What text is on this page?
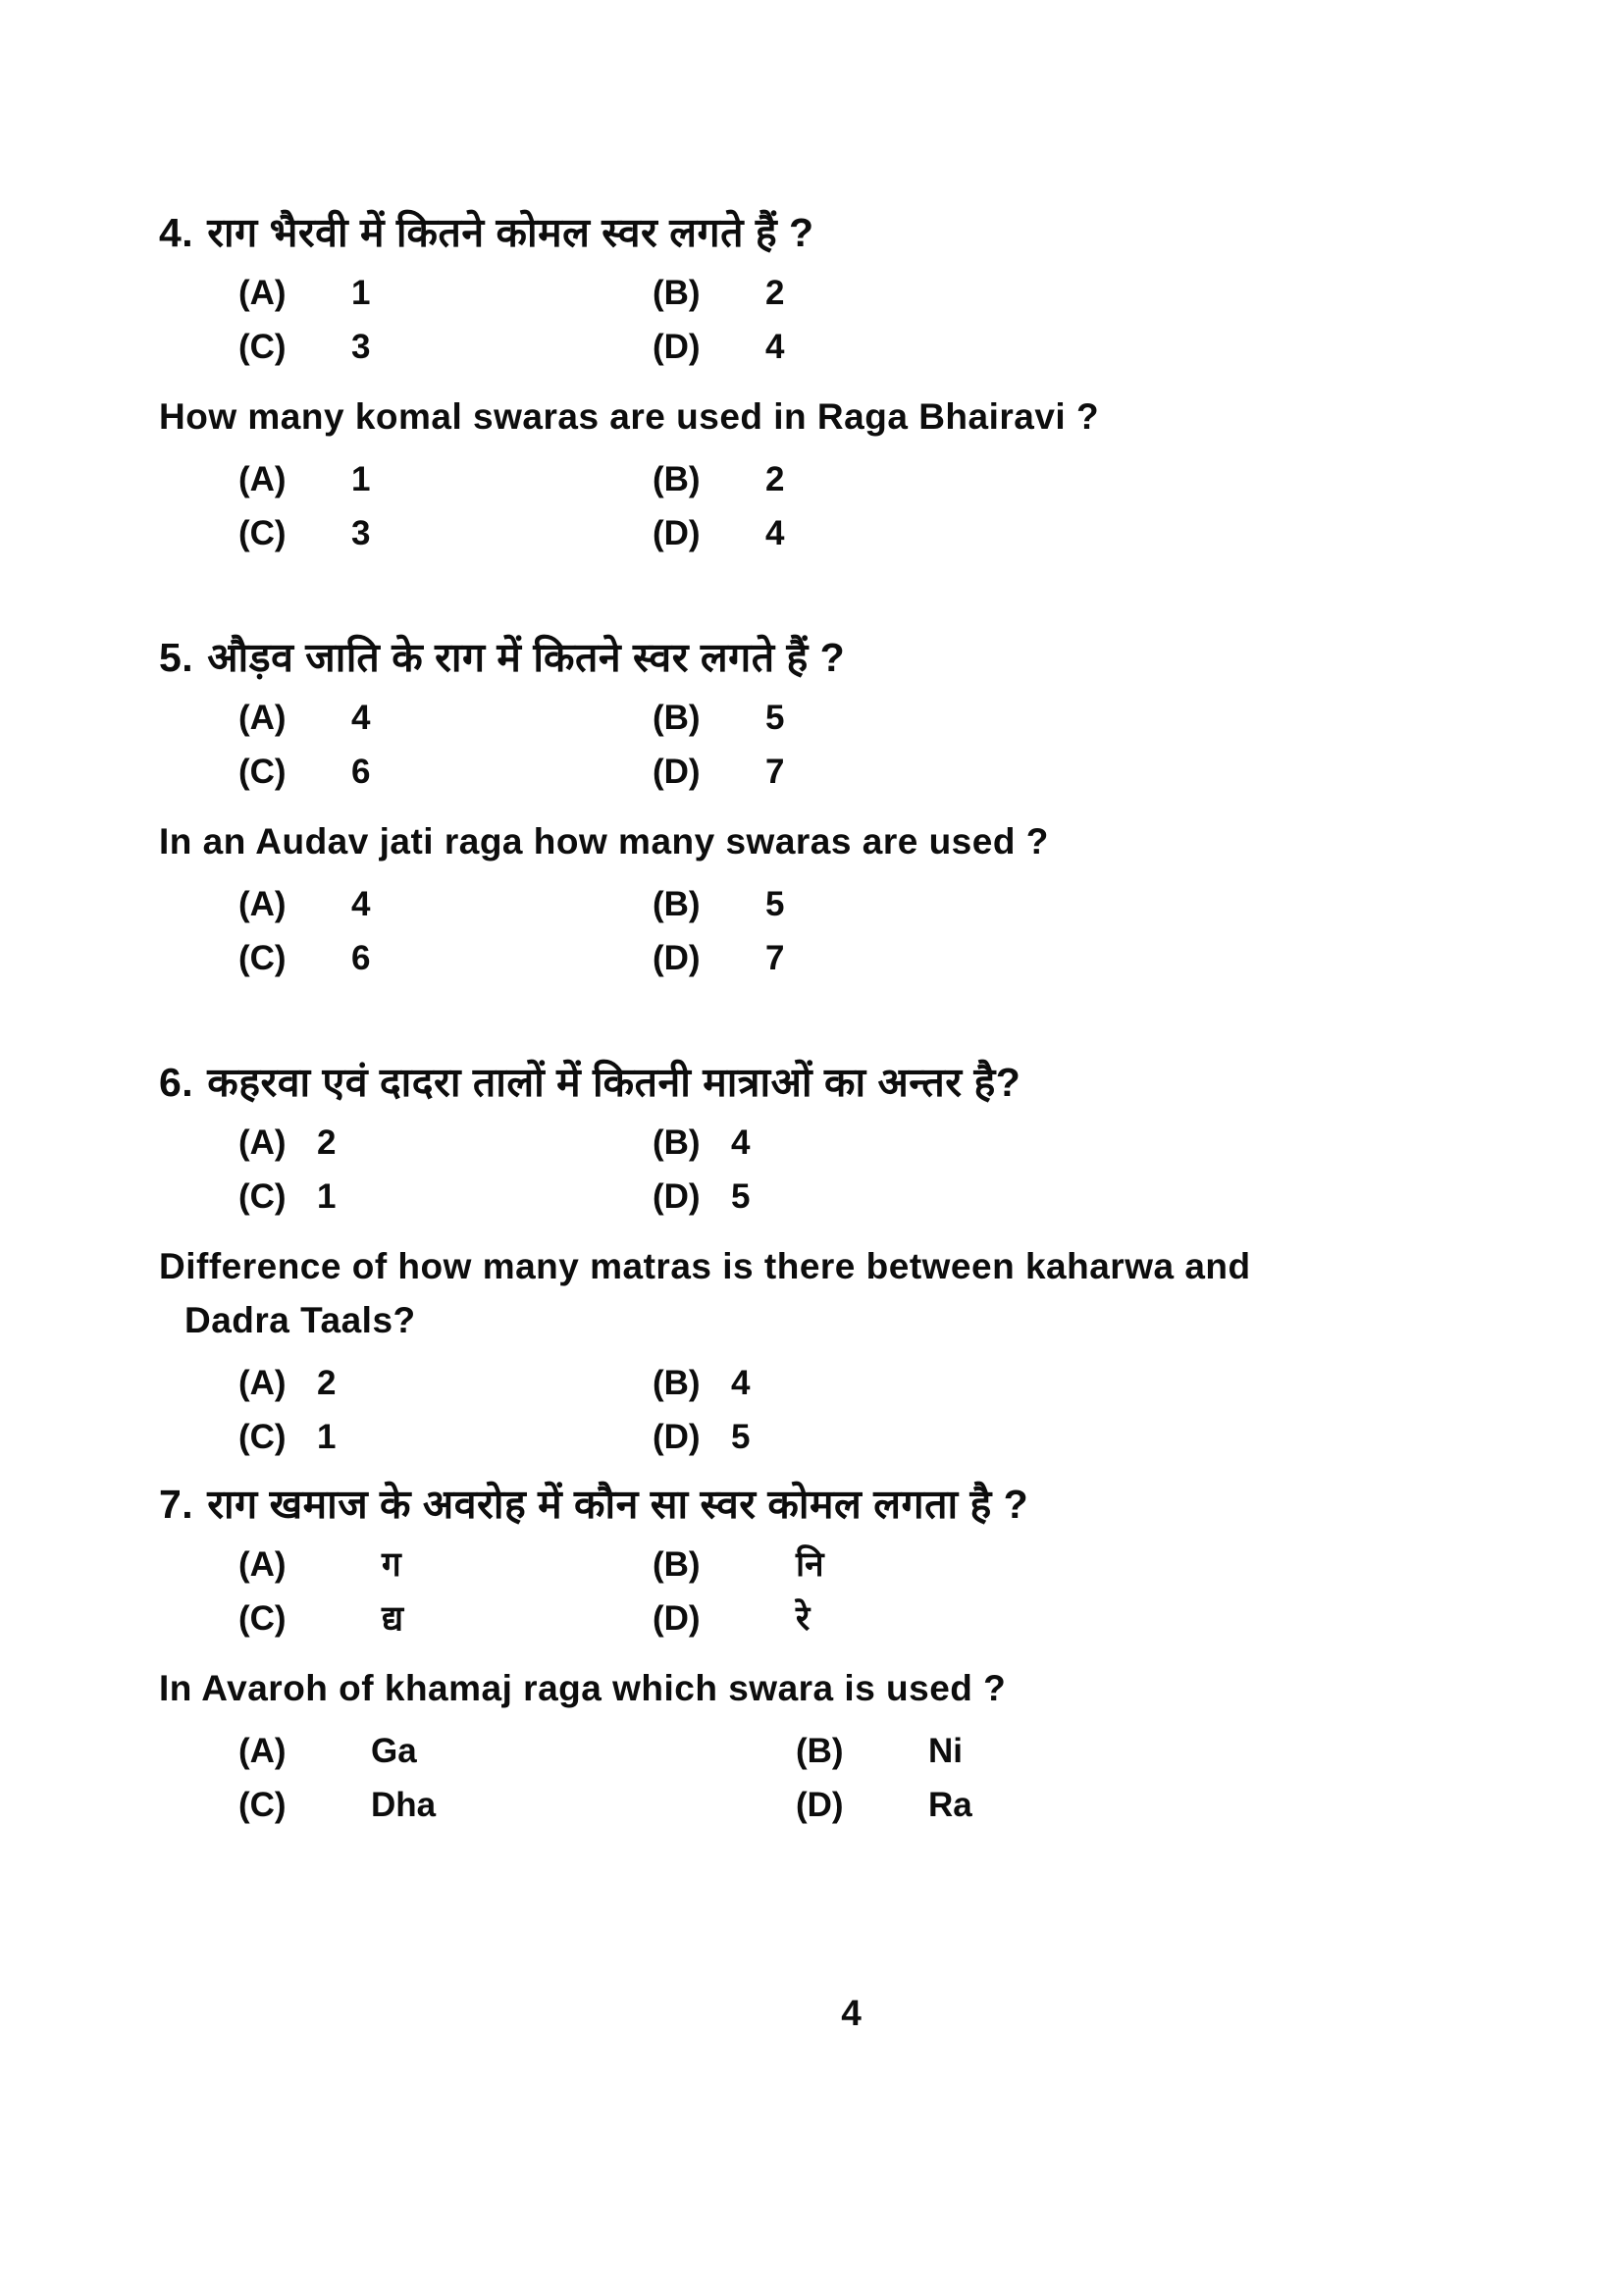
4. राग भैरवी में कितने कोमल स्वर लगते हैं ?
(A)	1	(B)	2
(C)	3	(D)	4
How many komal swaras are used in Raga Bhairavi ?
(A)	1	(B)	2
(C)	3	(D)	4
5. औड़व जाति के राग में कितने स्वर लगते हैं ?
(A)	4	(B)	5
(C)	6	(D)	7
In an Audav jati raga how many swaras are used ?
(A)	4	(B)	5
(C)	6	(D)	7
6. कहरवा एवं दादरा तालों में कितनी मात्राओं का अन्तर है?
(A) 2	(B) 4
(C) 1	(D) 5
Difference of how many matras is there between kaharwa and
Dadra Taals?
(A) 2	(B) 4
(C) 1	(D) 5
7. राग खमाज के अवरोह में कौन सा स्वर कोमल लगता है ?
(A)	ग	(B)	नि
(C)	द्य	(D)	रे
In Avaroh of khamaj raga which swara is used ?
(A)	Ga	(B)	Ni
(C)	Dha	(D)	Ra
4
